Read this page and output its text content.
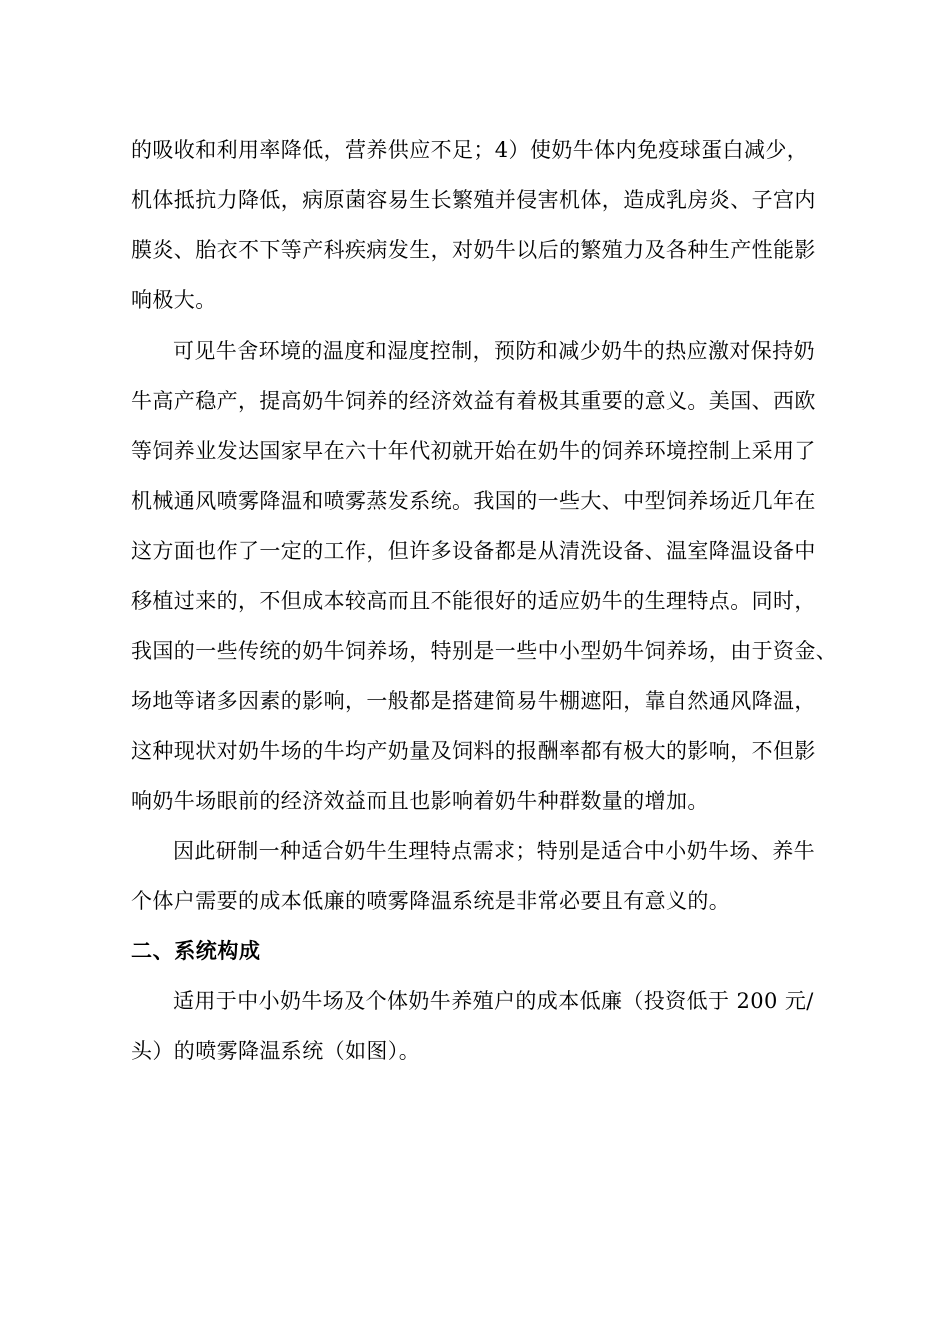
的吸收和利用率降低，营养供应不足；4）使奶牛体内免疫球蛋白减少，
机体抵抗力降低，病原菌容易生长繁殖并侵害机体，造成乳房炎、子宫内
膜炎、胎衣不下等产科疾病发生，对奶牛以后的繁殖力及各种生产性能影
响极大。
可见牛舍环境的温度和湿度控制，预防和减少奶牛的热应激对保持奶
牛高产稳产，提高奶牛饲养的经济效益有着极其重要的意义。美国、西欧
等饲养业发达国家早在六十年代初就开始在奶牛的饲养环境控制上采用了
机械通风喷雾降温和喷雾蒸发系统。我国的一些大、中型饲养场近几年在
这方面也作了一定的工作，但许多设备都是从清洗设备、温室降温设备中
移植过来的，不但成本较高而且不能很好的适应奶牛的生理特点。同时，
我国的一些传统的奶牛饲养场，特别是一些中小型奶牛饲养场，由于资金、
场地等诸多因素的影响，一般都是搭建简易牛棚遮阳，靠自然通风降温，
这种现状对奶牛场的牛均产奶量及饲料的报酬率都有极大的影响，不但影
响奶牛场眼前的经济效益而且也影响着奶牛种群数量的增加。
因此研制一种适合奶牛生理特点需求；特别是适合中小奶牛场、养牛
个体户需要的成本低廉的喷雾降温系统是非常必要且有意义的。
二、系统构成
适用于中小奶牛场及个体奶牛养殖户的成本低廉（投资低于 200 元/
头）的喷雾降温系统（如图）。
